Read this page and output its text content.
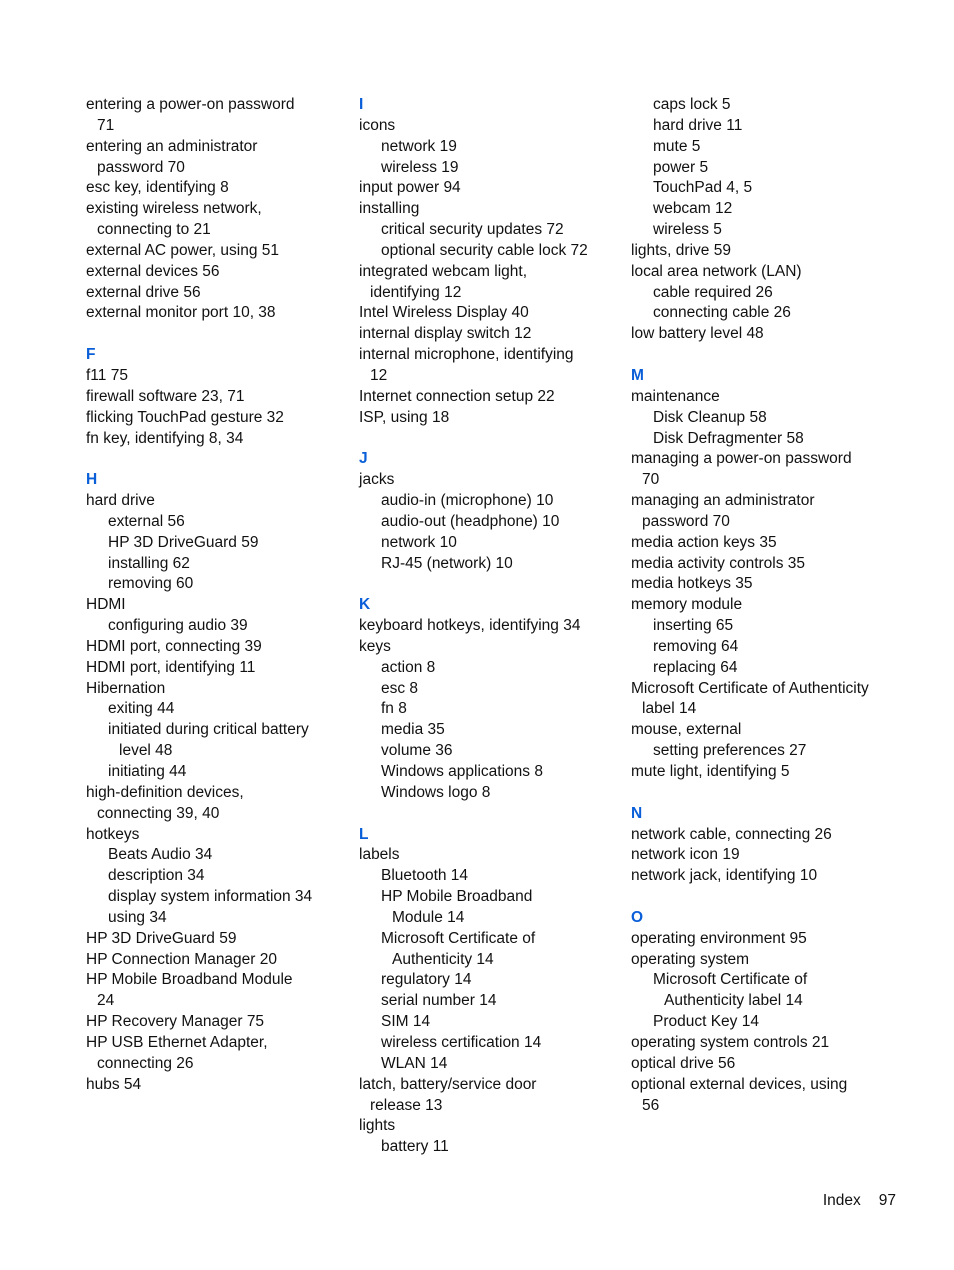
entering a power-on password
71
entering an administrator
password 70
esc key, identifying 8
existing wireless network,
connecting to 21
external AC power, using 51
external devices 56
external drive 56
external monitor port 10, 38
F
f11 75
firewall software 23, 71
flicking TouchPad gesture 32
fn key, identifying 8, 34
H
hard drive
external 56
HP 3D DriveGuard 59
installing 62
removing 60
HDMI
configuring audio 39
HDMI port, connecting 39
HDMI port, identifying 11
Hibernation
exiting 44
initiated during critical battery
level 48
initiating 44
high-definition devices,
connecting 39, 40
hotkeys
Beats Audio 34
description 34
display system information 34
using 34
HP 3D DriveGuard 59
HP Connection Manager 20
HP Mobile Broadband Module
24
HP Recovery Manager 75
HP USB Ethernet Adapter,
connecting 26
hubs 54
I
icons
network 19
wireless 19
input power 94
installing
critical security updates 72
optional security cable lock 72
integrated webcam light,
identifying 12
Intel Wireless Display 40
internal display switch 12
internal microphone, identifying
12
Internet connection setup 22
ISP, using 18
J
jacks
audio-in (microphone) 10
audio-out (headphone) 10
network 10
RJ-45 (network) 10
K
keyboard hotkeys, identifying 34
keys
action 8
esc 8
fn 8
media 35
volume 36
Windows applications 8
Windows logo 8
L
labels
Bluetooth 14
HP Mobile Broadband
Module 14
Microsoft Certificate of
Authenticity 14
regulatory 14
serial number 14
SIM 14
wireless certification 14
WLAN 14
latch, battery/service door
release 13
lights
battery 11
caps lock 5
hard drive 11
mute 5
power 5
TouchPad 4, 5
webcam 12
wireless 5
lights, drive 59
local area network (LAN)
cable required 26
connecting cable 26
low battery level 48
M
maintenance
Disk Cleanup 58
Disk Defragmenter 58
managing a power-on password
70
managing an administrator
password 70
media action keys 35
media activity controls 35
media hotkeys 35
memory module
inserting 65
removing 64
replacing 64
Microsoft Certificate of Authenticity
label 14
mouse, external
setting preferences 27
mute light, identifying 5
N
network cable, connecting 26
network icon 19
network jack, identifying 10
O
operating environment 95
operating system
Microsoft Certificate of
Authenticity label 14
Product Key 14
operating system controls 21
optical drive 56
optional external devices, using
56
Index 97
